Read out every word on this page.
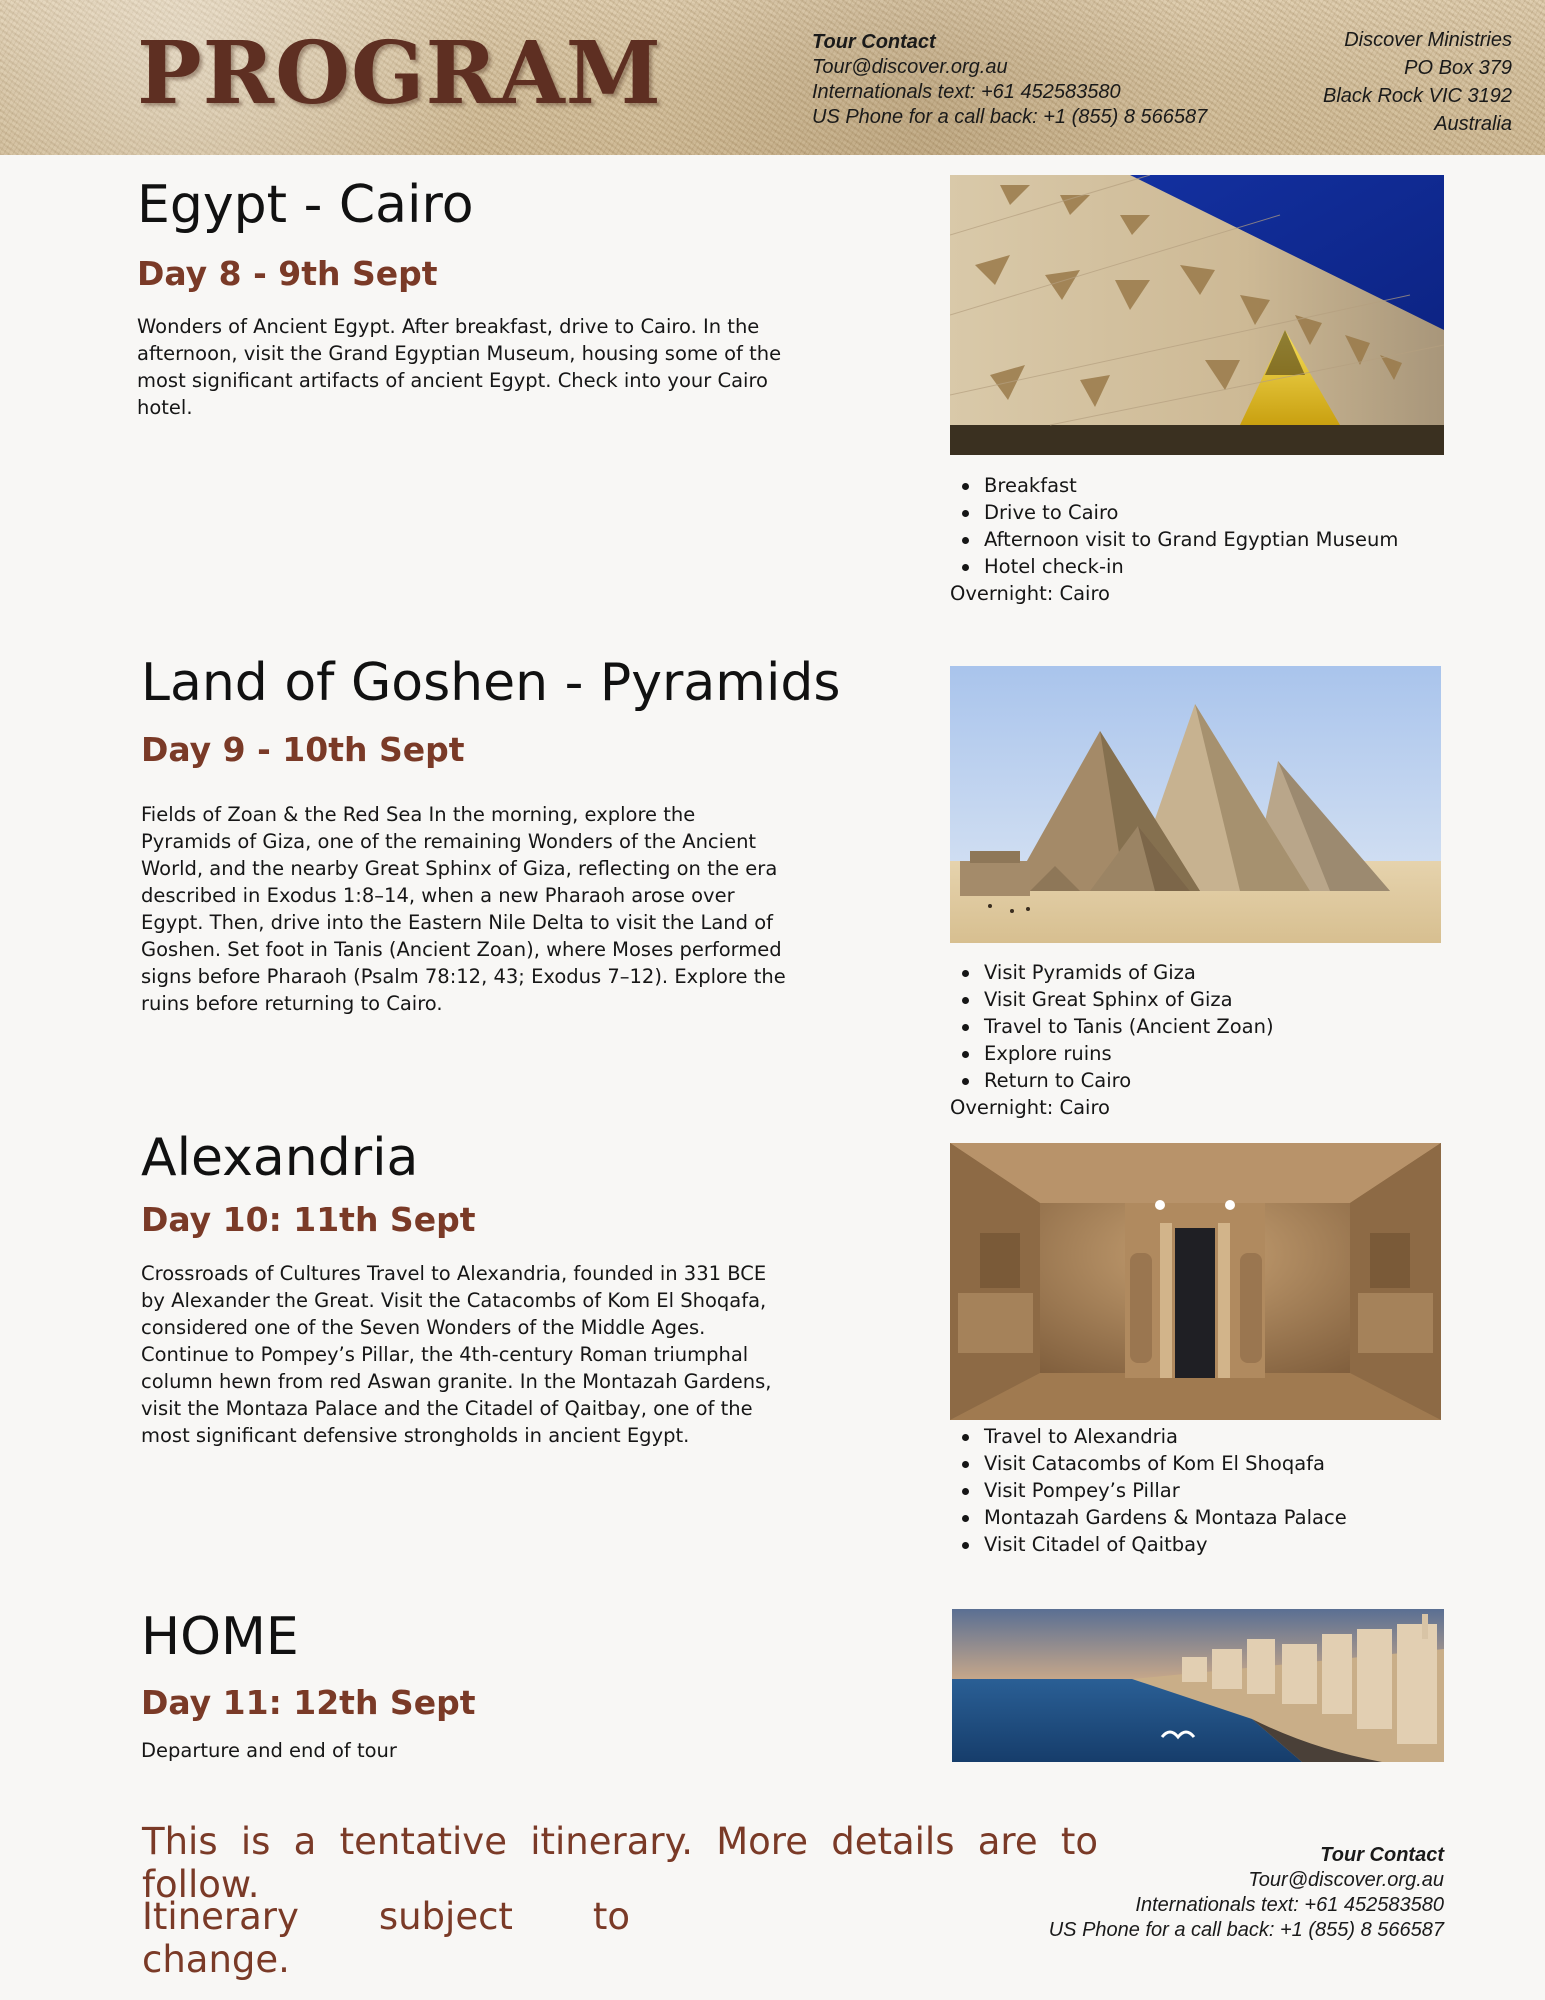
PROGRAM	Tour Contact
Tour@discover.org.au
Internationals text: +61 452583580
US Phone for a call back: +1 (855) 8 566587
Discover Ministries
PO Box 379
Black Rock VIC 3192
Australia
Egypt - Cairo
Day 8 - 9th Sept
Wonders of Ancient Egypt. After breakfast, drive to Cairo. In the afternoon, visit the Grand Egyptian Museum, housing some of the most significant artifacts of ancient Egypt. Check into your Cairo hotel.
Breakfast
Drive to Cairo
Afternoon visit to Grand Egyptian Museum
Hotel check-in
Overnight: Cairo
Land of Goshen - Pyramids
Day 9 - 10th Sept
Fields of Zoan & the Red Sea In the morning, explore the Pyramids of Giza, one of the remaining Wonders of the Ancient World, and the nearby Great Sphinx of Giza, reflecting on the era described in Exodus 1:8–14, when a new Pharaoh arose over Egypt. Then, drive into the Eastern Nile Delta to visit the Land of Goshen. Set foot in Tanis (Ancient Zoan), where Moses performed signs before Pharaoh (Psalm 78:12, 43; Exodus 7–12). Explore the ruins before returning to Cairo.
Visit Pyramids of Giza
Visit Great Sphinx of Giza
Travel to Tanis (Ancient Zoan)
Explore ruins
Return to Cairo
Overnight: Cairo
Alexandria
Day 10: 11th Sept
Crossroads of Cultures Travel to Alexandria, founded in 331 BCE by Alexander the Great. Visit the Catacombs of Kom El Shoqafa, considered one of the Seven Wonders of the Middle Ages. Continue to Pompey’s Pillar, the 4th-century Roman triumphal column hewn from red Aswan granite. In the Montazah Gardens, visit the Montaza Palace and the Citadel of Qaitbay, one of the most significant defensive strongholds in ancient Egypt.	Travel to Alexandria
Visit Catacombs of Kom El Shoqafa
Visit Pompey’s Pillar
Montazah Gardens & Montaza Palace
Visit Citadel of Qaitbay
HOME
Day 11: 12th Sept
Departure and end of tour
This is a tentative itinerary. More details are to follow.
Itinerary subject to change.
Tour Contact
Tour@discover.org.au
Internationals text: +61 452583580
US Phone for a call back: +1 (855) 8 566587
